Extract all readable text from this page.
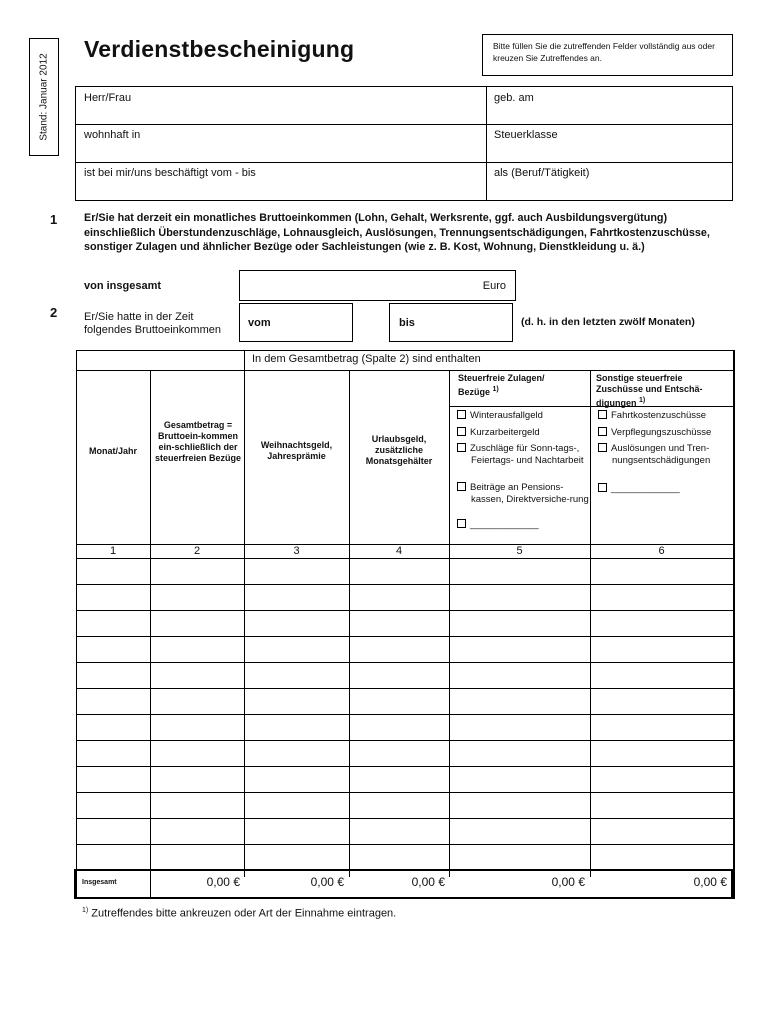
Stand: Januar 2012
Verdienstbescheinigung	Bitte füllen Sie die zutreffenden Felder vollständig aus oder kreuzen Sie Zutreffendes an.
Herr/Frau	geb. am
wohnhaft in	Steuerklasse
ist bei mir/uns beschäftigt vom - bis	als (Beruf/Tätigkeit)
1 Er/Sie hat derzeit ein monatliches Bruttoeinkommen (Lohn, Gehalt, Werksrente, ggf. auch Ausbildungsvergütung) einschließlich Überstundenzuschläge, Lohnausgleich, Auslösungen, Trennungsentschädigungen, Fahrtkostenzuschüsse, sonstiger Zulagen und ähnlicher Bezüge oder Sachleistungen (wie z. B. Kost, Wohnung, Dienstkleidung u. ä.)
von insgesamt	Euro
2 Er/Sie hatte in der Zeit
folgendes Bruttoeinkommen
vom	bis	(d. h. in den letzten zwölf Monaten)
In dem Gesamtbetrag (Spalte 2) sind enthalten
Monat/Jahr
Gesamtbetrag = Bruttoein-kommen ein-schließlich der steuerfreien Bezüge
Weihnachtsgeld, Jahresprämie
Urlaubsgeld, zusätzliche Monatsgehälter
Steuerfreie Zulagen/ Bezüge $^{1)}$
Sonstige steuerfreie Zuschüsse und Entschä-digungen $^{1)}$
Winterausfallgeld
Kurzarbeitergeld
Zuschläge für Sonn-tags-, Feiertags- und Nachtarbeit
Beiträge an Pensions-kassen, Direktversiche-rung
_____________
Fahrtkostenzuschüsse
Verpflegungszuschüsse
Auslösungen und Tren-nungsentschädigungen
_____________
1	2	3	4	5	6
Insgesamt	0,00 €	0,00 €	0,00 €	0,00 €	0,00 €
$^{1)}$ Zutreffendes bitte ankreuzen oder Art der Einnahme eintragen.
